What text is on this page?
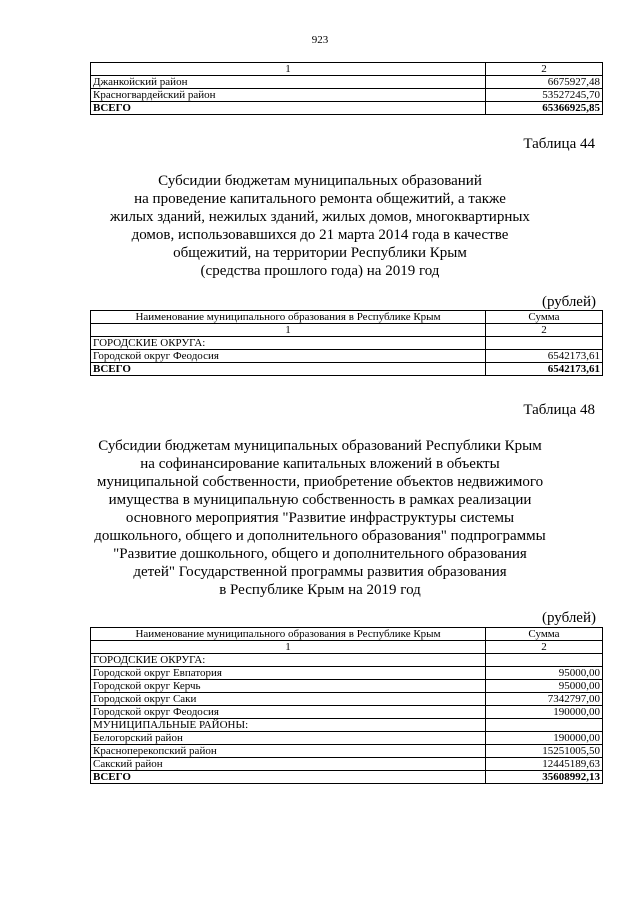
923
1	2
Джанкойский район	6675927,48
Красногвардейский район	53527245,70
ВСЕГО	65366925,85
Таблица 44
Субсидии бюджетам муниципальных образований
на проведение капитального ремонта общежитий, а также
жилых зданий, нежилых зданий, жилых домов, многоквартирных
домов, использовавшихся до 21 марта 2014 года в качестве
общежитий, на территории Республики Крым
(средства прошлого года) на 2019 год
(рублей)
Наименование муниципального образования в Республике Крым	Сумма
1	2
ГОРОДСКИЕ ОКРУГА:	
Городской округ Феодосия	6542173,61
ВСЕГО	6542173,61
Таблица 48
Субсидии бюджетам муниципальных образований Республики Крым
на софинансирование капитальных вложений в объекты
муниципальной собственности, приобретение объектов недвижимого
имущества в муниципальную собственность в рамках реализации
основного мероприятия "Развитие инфраструктуры системы
дошкольного, общего и дополнительного образования" подпрограммы
"Развитие дошкольного, общего и дополнительного образования
детей" Государственной программы развития образования
в Республике Крым на 2019 год
(рублей)
Наименование муниципального образования в Республике Крым	Сумма
1	2
ГОРОДСКИЕ ОКРУГА:	
Городской округ Евпатория	95000,00
Городской округ Керчь	95000,00
Городской округ Саки	7342797,00
Городской округ Феодосия	190000,00
МУНИЦИПАЛЬНЫЕ РАЙОНЫ:	
Белогорский район	190000,00
Красноперекопский район	15251005,50
Сакский район	12445189,63
ВСЕГО	35608992,13
